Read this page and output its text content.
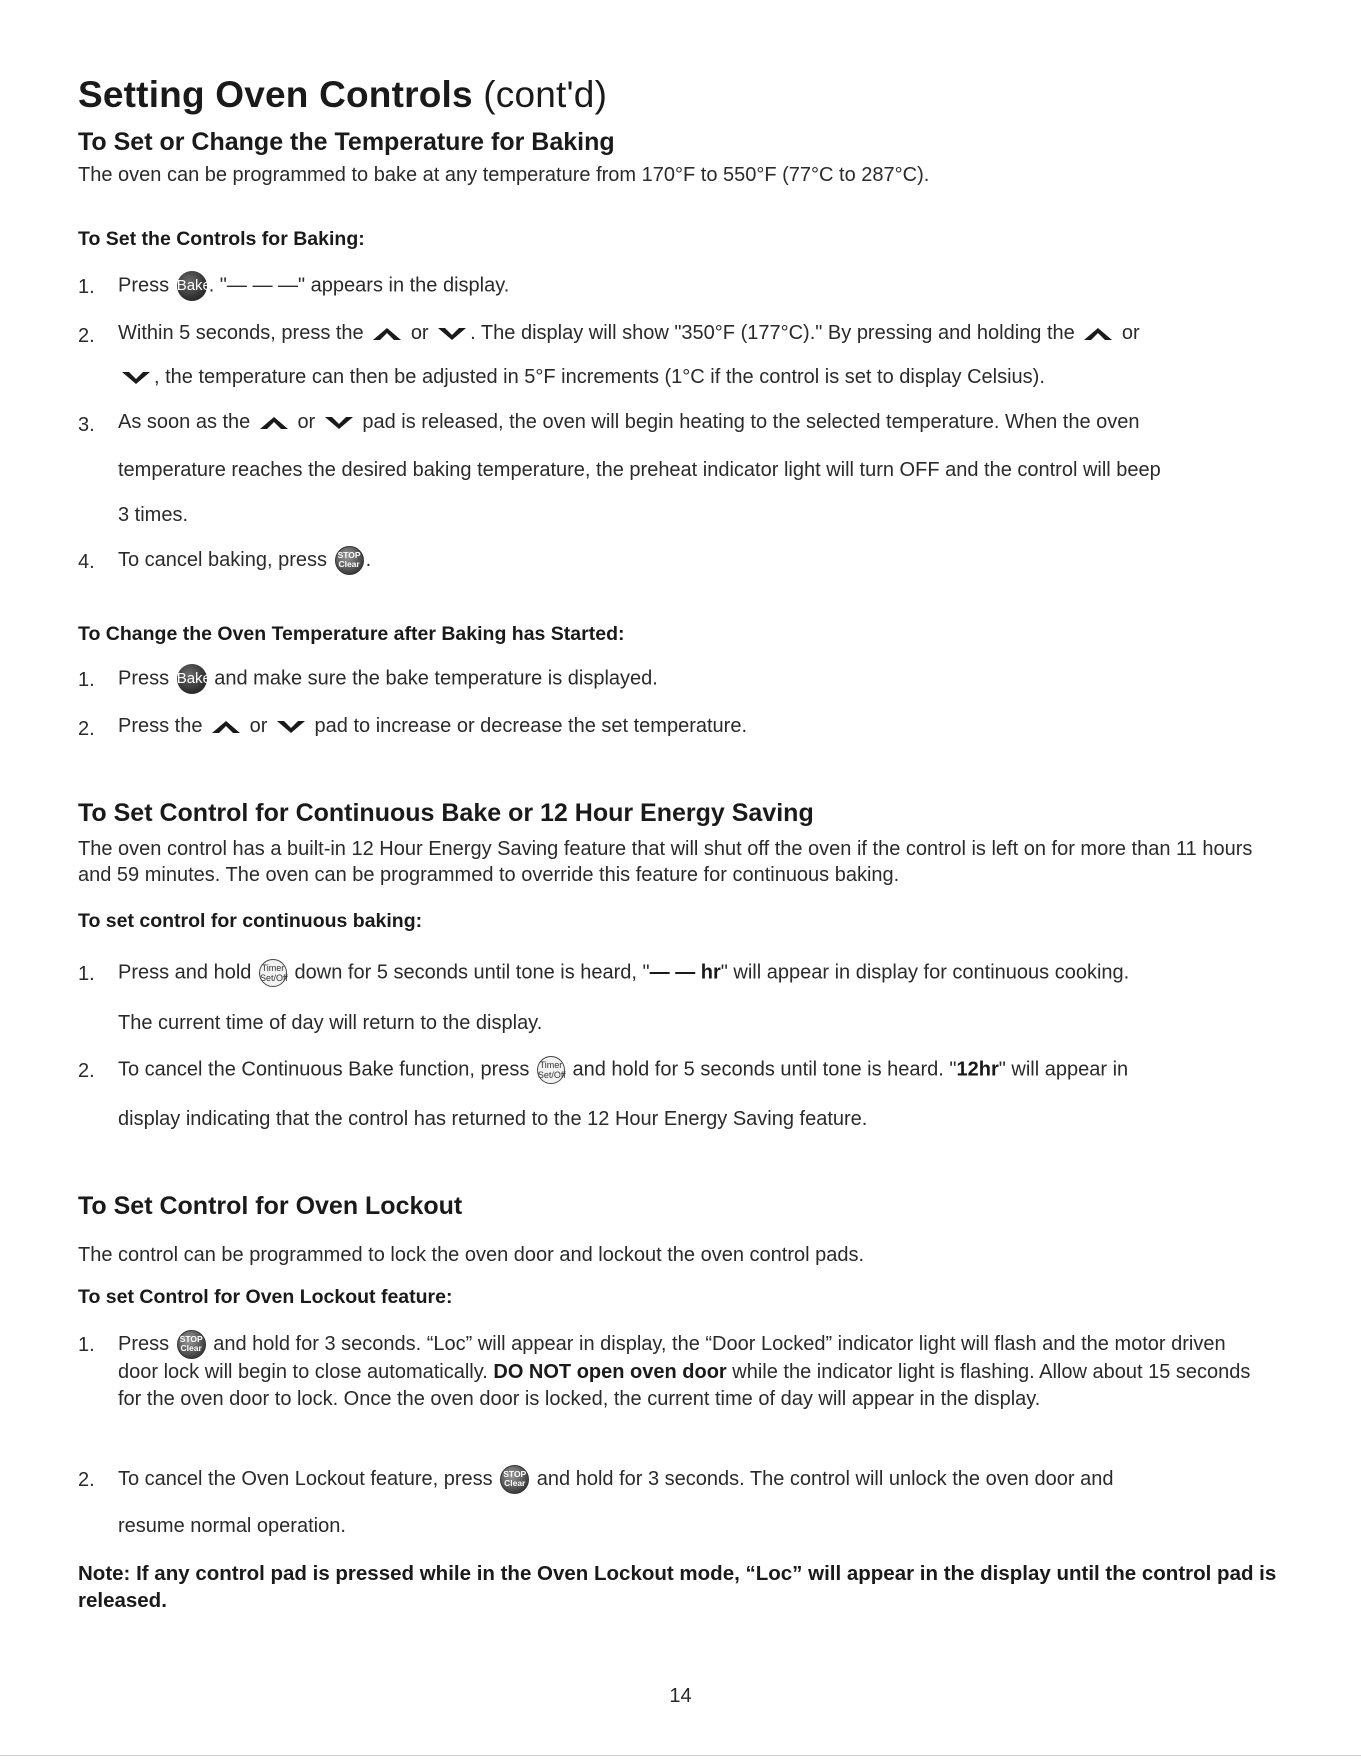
Setting Oven Controls (cont'd)
To Set or Change the Temperature for Baking

The oven can be programmed to bake at any temperature from 170°F to 550°F (77°C to 287°C).

To Set the Controls for Baking:
1. Press Bake. "— — —" appears in the display.

2. Within 5 seconds, press the or . The display will show "350°F (177°C)." By pressing and holding the or

, the temperature can then be adjusted in 5°F increments (1°C if the control is set to display Celsius).

3. As soon as the or pad is released, the oven will begin heating to the selected temperature. When the oven

temperature reaches the desired baking temperature, the preheat indicator light will turn OFF and the control will beep

3 times.

4. To cancel baking, press STOP
Clear .

To Change the Oven Temperature after Baking has Started:
1. Press Bake and make sure the bake temperature is displayed.

2. Press the or pad to increase or decrease the set temperature.

To Set Control for Continuous Bake or 12 Hour Energy Saving

The oven control has a built-in 12 Hour Energy Saving feature that will shut off the oven if the control is left on for more than 11 hours and 59 minutes. The oven can be programmed to override this feature for continuous baking.

To set control for continuous baking:
1. Press and hold Timer
Set/Off down for 5 seconds until tone is heard, "— — hr" will appear in display for continuous cooking.

The current time of day will return to the display.

2. To cancel the Continuous Bake function, press Timer
Set/Off and hold for 5 seconds until tone is heard. "12hr" will appear in

display indicating that the control has returned to the 12 Hour Energy Saving feature.

To Set Control for Oven Lockout

The control can be programmed to lock the oven door and lockout the oven control pads.

To set Control for Oven Lockout feature:
1. Press STOP
Clear and hold for 3 seconds. “Loc” will appear in display, the “Door Locked” indicator light will flash and the motor driven door lock will begin to close automatically. DO NOT open oven door while the indicator light is flashing. Allow about 15 seconds for the oven door to lock. Once the oven door is locked, the current time of day will appear in the display.

2. To cancel the Oven Lockout feature, press STOP
Clear and hold for 3 seconds. The control will unlock the oven door and

resume normal operation.

Note: If any control pad is pressed while in the Oven Lockout mode, “Loc” will appear in the display until the control pad is released.

14
